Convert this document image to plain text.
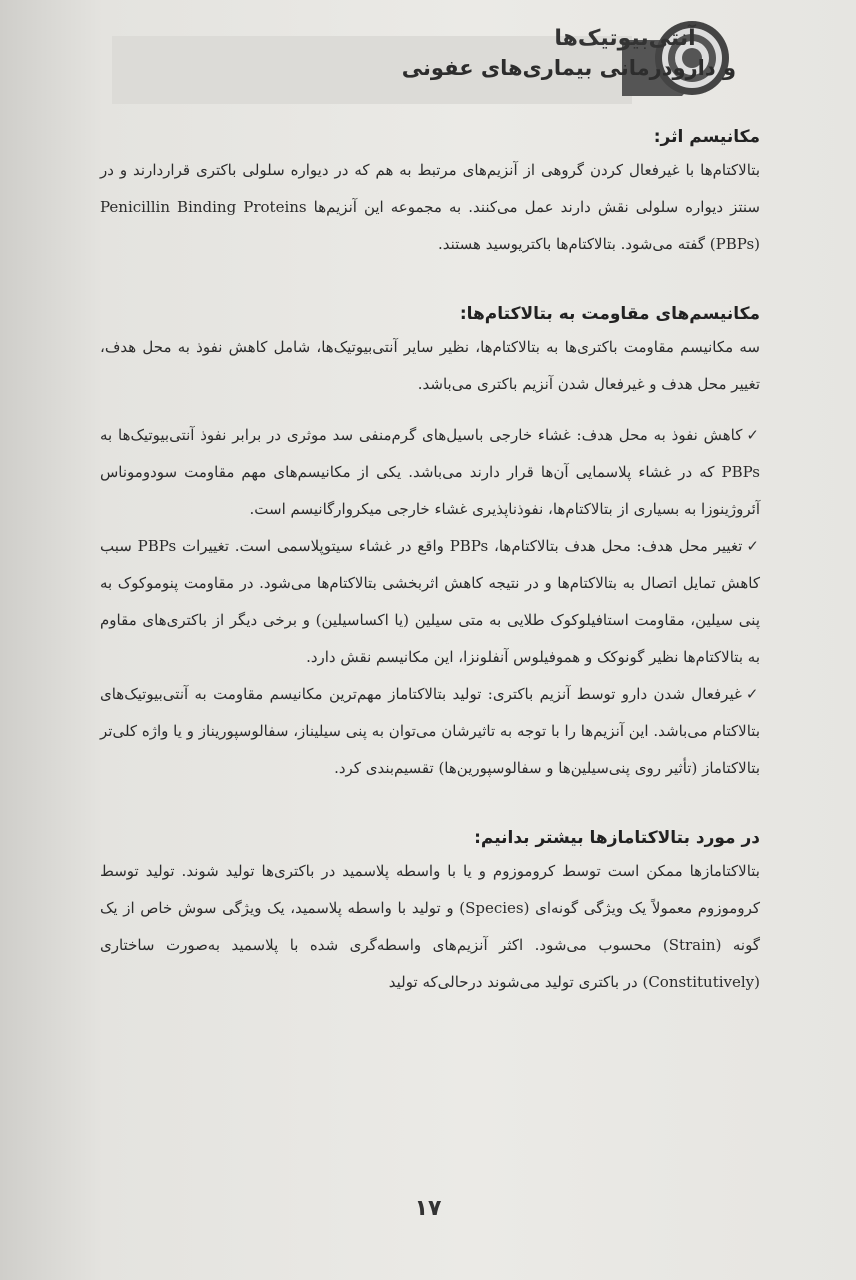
آنتی‌بیوتیک‌ها
و دارودرمانی بیماری‌های عفونی

مکانیسم اثر:

بتالاکتام‌ها با غیرفعال کردن گروهی از آنزیم‌های مرتبط به هم که در دیواره سلولی باکتری قراردارند و در سنتز دیواره سلولی نقش دارند عمل می‌کنند. به مجموعه این آنزیم‌ها Penicillin Binding Proteins (PBPs) گفته می‌شود. بتالاکتام‌ها باکتریوسید هستند.

مکانیسم‌های مقاومت به بتالاکتام‌ها:

سه مکانیسم مقاومت باکتری‌ها به بتالاکتام‌ها، نظیر سایر آنتی‌بیوتیک‌ها، شامل کاهش نفوذ به محل هدف، تغییر محل هدف و غیرفعال شدن آنزیم باکتری می‌باشد.

✓کاهش نفوذ به محل هدف: غشاء خارجی باسیل‌های گرم‌منفی سد موثری در برابر نفوذ آنتی‌بیوتیک‌ها به PBPs که در غشاء پلاسمایی آن‌ها قرار دارند می‌باشد. یکی از مکانیسم‌های مهم مقاومت سودوموناس آئروژینوزا به بسیاری از بتالاکتام‌ها، نفوذناپذیری غشاء خارجی میکروارگانیسم است.

✓تغییر محل هدف: محل هدف بتالاکتام‌ها، PBPs واقع در غشاء سیتوپلاسمی است. تغییرات PBPs سبب کاهش تمایل اتصال به بتالاکتام‌ها و در نتیجه کاهش اثربخشی بتالاکتام‌ها می‌شود. در مقاومت پنوموکوک به پنی سیلین، مقاومت استافیلوکوک طلایی به متی سیلین (یا اکساسیلین) و برخی دیگر از باکتری‌های مقاوم به بتالاکتام‌ها نظیر گونوکک و هموفیلوس آنفلونزا، این مکانیسم نقش دارد.

✓غیرفعال شدن دارو توسط آنزیم باکتری: تولید بتالاکتاماز مهم‌ترین مکانیسم مقاومت به آنتی‌بیوتیک‌های بتالاکتام می‌باشد. این آنزیم‌ها را با توجه به تاثیرشان می‌توان به پنی سیلیناز، سفالوسپوریناز و یا واژه کلی‌تر بتالاکتاماز (تأثیر روی پنی‌سیلین‌ها و سفالوسپورین‌ها) تقسیم‌بندی کرد.

در مورد بتالاکتامازها بیشتر بدانیم:

بتالاکتامازها ممکن است توسط کروموزوم و یا با واسطه پلاسمید در باکتری‌ها تولید شوند. تولید توسط کروموزوم معمولاً یک ویژگی گونه‌ای (Species) و تولید با واسطه پلاسمید، یک ویژگی سوش خاص از یک گونه (Strain) محسوب می‌شود. اکثر آنزیم‌های واسطه‌گری شده با پلاسمید به‌صورت ساختاری (Constitutively) در باکتری تولید می‌شوند درحالی‌که تولید

۱۷
